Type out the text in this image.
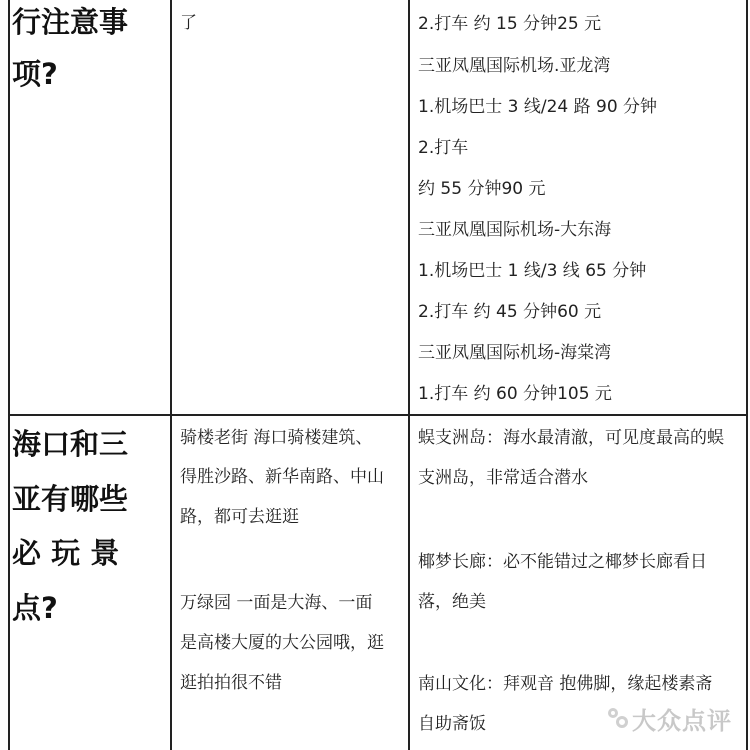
行注意事
项?
了	2.打车 约 15 分钟25 元
三亚凤凰国际机场.亚龙湾
1.机场巴士 3 线/24 路 90 分钟
2.打车
约 55 分钟90 元
三亚凤凰国际机场-大东海
1.机场巴士 1 线/3 线 65 分钟
2.打车 约 45 分钟60 元
三亚凤凰国际机场-海棠湾
1.打车 约 60 分钟105 元
海口和三
亚有哪些
必 玩 景
点?
骑楼老街 海口骑楼建筑、
得胜沙路、新华南路、中山
路，都可去逛逛
万绿园 一面是大海、一面
是高楼大厦的大公园哦，逛
逛拍拍很不错
蜈支洲岛：海水最清澈，可见度最高的蜈
支洲岛，非常适合潜水
椰梦长廊：必不能错过之椰梦长廊看日
落，绝美
南山文化：拜观音 抱佛脚，缘起楼素斋
自助斋饭	大众点评
